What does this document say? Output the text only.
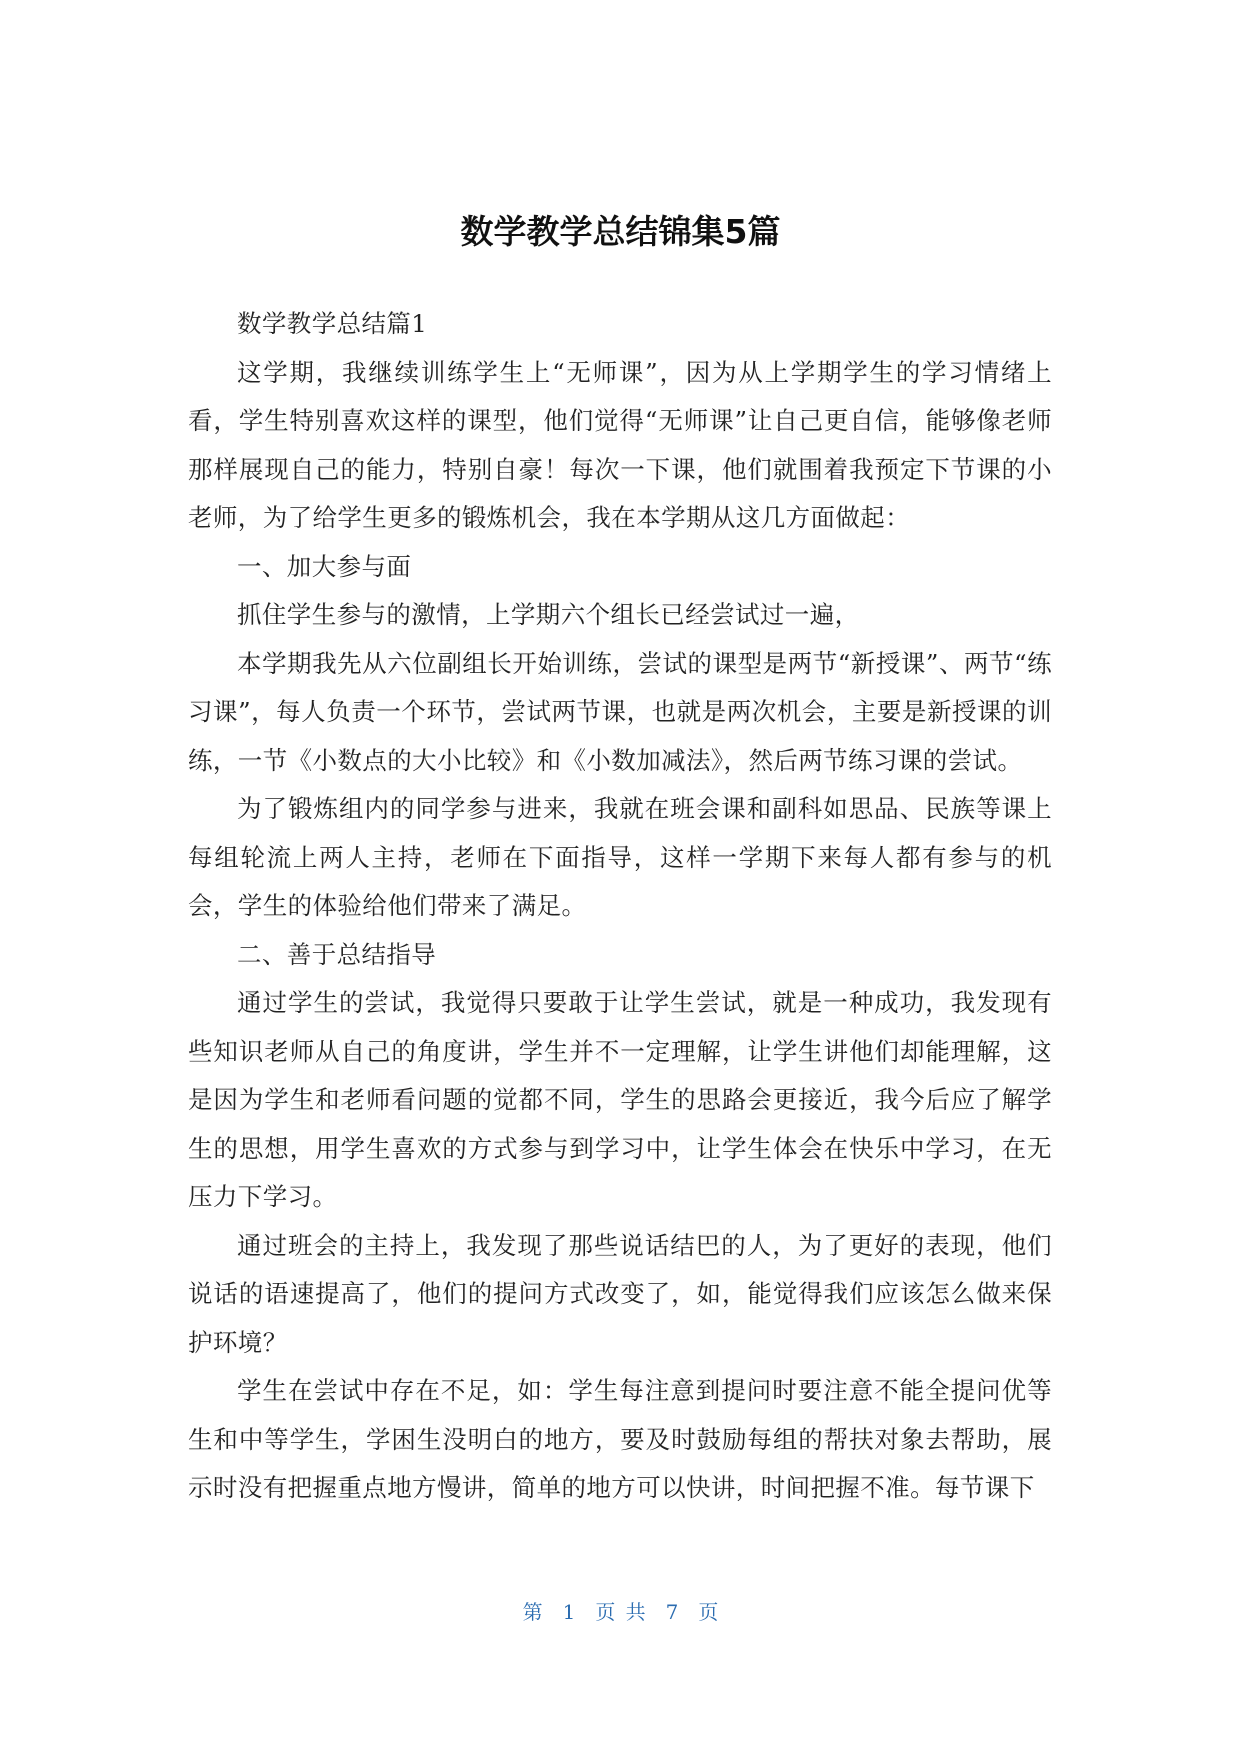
数学教学总结锦集5篇

数学教学总结篇1

这学期，我继续训练学生上“无师课”，因为从上学期学生的学习情绪上看，学生特别喜欢这样的课型，他们觉得“无师课”让自己更自信，能够像老师那样展现自己的能力，特别自豪！每次一下课，他们就围着我预定下节课的小老师，为了给学生更多的锻炼机会，我在本学期从这几方面做起：

一、加大参与面

抓住学生参与的激情，上学期六个组长已经尝试过一遍，

本学期我先从六位副组长开始训练，尝试的课型是两节“新授课”、两节“练习课”，每人负责一个环节，尝试两节课，也就是两次机会，主要是新授课的训练，一节《小数点的大小比较》和《小数加减法》，然后两节练习课的尝试。

为了锻炼组内的同学参与进来，我就在班会课和副科如思品、民族等课上每组轮流上两人主持，老师在下面指导，这样一学期下来每人都有参与的机会，学生的体验给他们带来了满足。

二、善于总结指导

通过学生的尝试，我觉得只要敢于让学生尝试，就是一种成功，我发现有些知识老师从自己的角度讲，学生并不一定理解，让学生讲他们却能理解，这是因为学生和老师看问题的觉都不同，学生的思路会更接近，我今后应了解学生的思想，用学生喜欢的方式参与到学习中，让学生体会在快乐中学习，在无压力下学习。

通过班会的主持上，我发现了那些说话结巴的人，为了更好的表现，他们说话的语速提高了，他们的提问方式改变了，如，能觉得我们应该怎么做来保护环境？

学生在尝试中存在不足，如：学生每注意到提问时要注意不能全提问优等生和中等学生，学困生没明白的地方，要及时鼓励每组的帮扶对象去帮助，展示时没有把握重点地方慢讲，简单的地方可以快讲，时间把握不准。每节课下

第 1 页 共 7 页
